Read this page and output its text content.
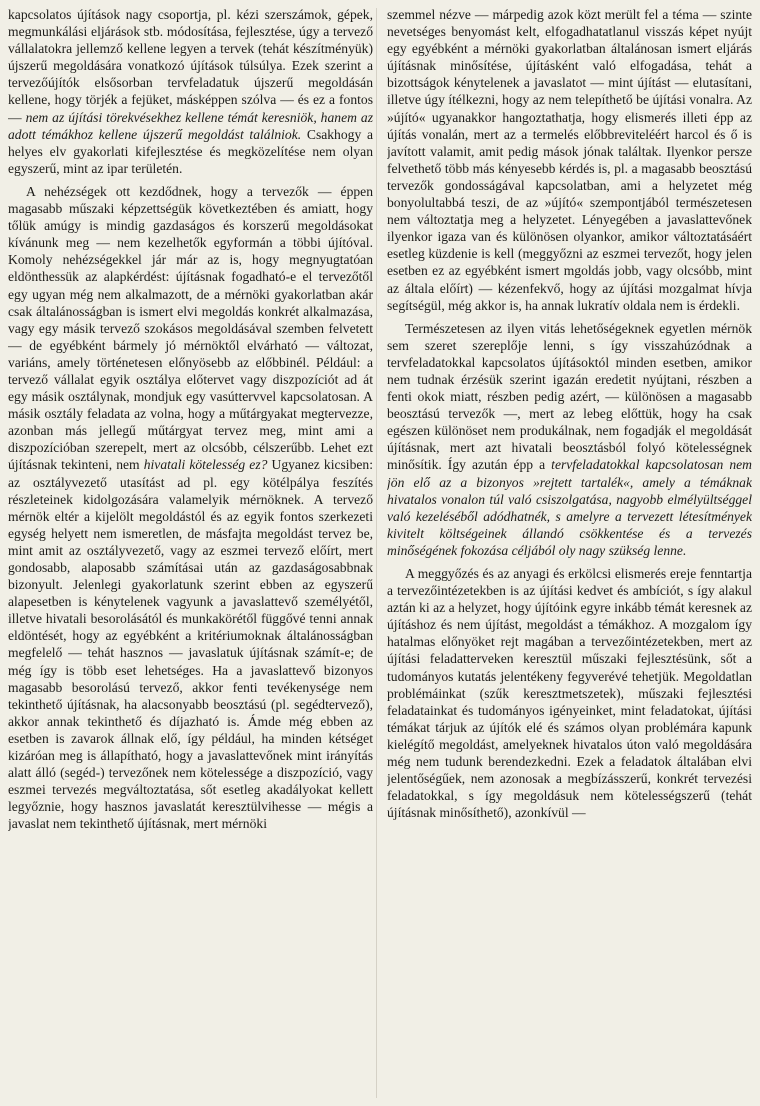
kapcsolatos újítások nagy csoportja, pl. kézi szerszámok, gépek, megmunkálási eljárások stb. módosítása, fejlesztése, úgy a tervező vállalatokra jellemző kellene legyen a tervek (tehát készítményük) újszerű megoldására vonatkozó újítások túlsúlya. Ezek szerint a tervezőújítók elsősorban tervfeladatuk újszerű megoldásán kellene, hogy törjék a fejüket, másképpen szólva — és ez a fontos — nem az újítási törekvésekhez kellene témát keresniök, hanem az adott témákhoz kellene újszerű megoldást találniok. Csakhogy a helyes elv gyakorlati kifejlesztése és megközelítése nem olyan egyszerű, mint az ipar területén.

A nehézségek ott kezdődnek, hogy a tervezők — éppen magasabb műszaki képzettségük következtében és amiatt, hogy tőlük amúgy is mindig gazdaságos és korszerű megoldásokat kívánunk meg — nem kezelhetők egyformán a többi újítóval. Komoly nehézségekkel jár már az is, hogy megnyugtatóan eldönthessük az alapkérdést: újításnak fogadható-e el tervezőtől egy ugyan még nem alkalmazott, de a mérnöki gyakorlatban akár csak általánosságban is ismert elvi megoldás konkrét alkalmazása, vagy egy másik tervező szokásos megoldásával szemben felvetett — de egyébként bármely jó mérnöktől elvárható — változat, variáns, amely történetesen előnyösebb az előbbinél. Például: a tervező vállalat egyik osztálya előtervet vagy diszpozíciót ad át egy másik osztálynak, mondjuk egy vasúttervvel kapcsolatosan. A másik osztály feladata az volna, hogy a műtárgyakat megtervezze, azonban más jellegű műtárgyat tervez meg, mint ami a diszpozícióban szerepelt, mert az olcsóbb, célszerűbb. Lehet ezt újításnak tekinteni, nem hivatali kötelesség ez? Ugyanez kicsiben: az osztályvezető utasítást ad pl. egy kötélpálya feszítés részleteinek kidolgozására valamelyik mérnöknek. A tervező mérnök eltér a kijelölt megoldástól és az egyik fontos szerkezeti egység helyett nem ismeretlen, de másfajta megoldást tervez be, mint amit az osztályvezető, vagy az eszmei tervező előírt, mert gondosabb, alaposabb számításai után az gazdaságosabbnak bizonyult. Jelenlegi gyakorlatunk szerint ebben az egyszerű alapesetben is kénytelenek vagyunk a javaslattevő személyétől, illetve hivatali besorolásától és munkakörétől függővé tenni annak eldöntését, hogy az egyébként a kritériumoknak általánosságban megfelelő — tehát hasznos — javaslatuk újításnak számít-e; de még így is több eset lehetséges. Ha a javaslattevő bizonyos magasabb besorolású tervező, akkor fenti tevékenysége nem tekinthető újításnak, ha alacsonyabb beosztású (pl. segédtervező), akkor annak tekinthető és díjazható is. Ámde még ebben az esetben is zavarok állnak elő, így például, ha minden kétséget kizáróan meg is állapítható, hogy a javaslattevőnek mint irányítás alatt álló (segéd-) tervezőnek nem kötelessége a diszpozíció, vagy eszmei tervezés megváltoztatása, sőt esetleg akadályokat kellett legyőznie, hogy hasznos javaslatát keresztülvihesse — mégis a javaslat nem tekinthető újításnak, mert mérnöki

szemmel nézve — márpedig azok közt merült fel a téma — szinte nevetséges benyomást kelt, elfogadhatatlanul visszás képet nyújt egy egyébként a mérnöki gyakorlatban általánosan ismert eljárás újításnak minősítése, újításként való elfogadása, tehát a bizottságok kénytelenek a javaslatot — mint újítást — elutasítani, illetve úgy ítélkezni, hogy az nem telepíthető be újítási vonalra. Az »újító« ugyanakkor hangoztathatja, hogy elismerés illeti épp az újítás vonalán, mert az a termelés előbbreviteléért harcol és ő is javított valamit, amit pedig mások jónak találtak. Ilyenkor persze felvethető több más kényesebb kérdés is, pl. a magasabb beosztású tervezők gondosságával kapcsolatban, ami a helyzetet még bonyolultabbá teszi, de az »újító« szempontjából természetesen nem változtatja meg a helyzetet. Lényegében a javaslattevőnek ilyenkor igaza van és különösen olyankor, amikor változtatásáért esetleg küzdenie is kell (meggyőzni az eszmei tervezőt, hogy jelen esetben ez az egyébként ismert mgoldás jobb, vagy olcsóbb, mint az általa előírt) — kézenfekvő, hogy az újítási mozgalmat hívja segítségül, még akkor is, ha annak lukratív oldala nem is érdekli.

Természetesen az ilyen vitás lehetőségeknek egyetlen mérnök sem szeret szereplője lenni, s így visszahúzódnak a tervfeladatokkal kapcsolatos újításoktól minden esetben, amikor nem tudnak érzésük szerint igazán eredetit nyújtani, részben a fenti okok miatt, részben pedig azért, — különösen a magasabb beosztású tervezők —, mert az lebeg előttük, hogy ha csak egészen különöset nem produkálnak, nem fogadják el megoldását újításnak, mert azt hivatali beosztásból folyó kötelességnek minősítik. Így azután épp a tervfeladatokkal kapcsolatosan nem jön elő az a bizonyos »rejtett tartalék«, amely a témáknak hivatalos vonalon túl való csiszolgatása, nagyobb elmélyültséggel való kezeléséből adódhatnék, s amelyre a tervezett létesítmények kivitelt költségeinek állandó csökkentése és a tervezés minőségének fokozása céljából oly nagy szükség lenne.

A meggyőzés és az anyagi és erkölcsi elismerés ereje fenntartja a tervezőintézetekben is az újítási kedvet és ambíciót, s így alakul aztán ki az a helyzet, hogy újítóink egyre inkább témát keresnek az újításhoz és nem újítást, megoldást a témákhoz. A mozgalom így hatalmas előnyöket rejt magában a tervezőintézetekben, mert az újítási feladatterveken keresztül műszaki fejlesztésünk, sőt a tudományos kutatás jelentékeny fegyverévé tehetjük. Megoldatlan problémáinkat (szűk keresztmetszetek), műszaki fejlesztési feladatainkat és tudományos igényeinket, mint feladatokat, újítási témákat tárjuk az újítók elé és számos olyan problémára kapunk kielégítő megoldást, amelyeknek hivatalos úton való megoldására még nem tudunk berendezkedni. Ezek a feladatok általában elvi jelentőségűek, nem azonosak a megbízásszerű, konkrét tervezési feladatokkal, s így megoldásuk nem kötelességszerű (tehát újításnak minősíthető), azonkívül —
